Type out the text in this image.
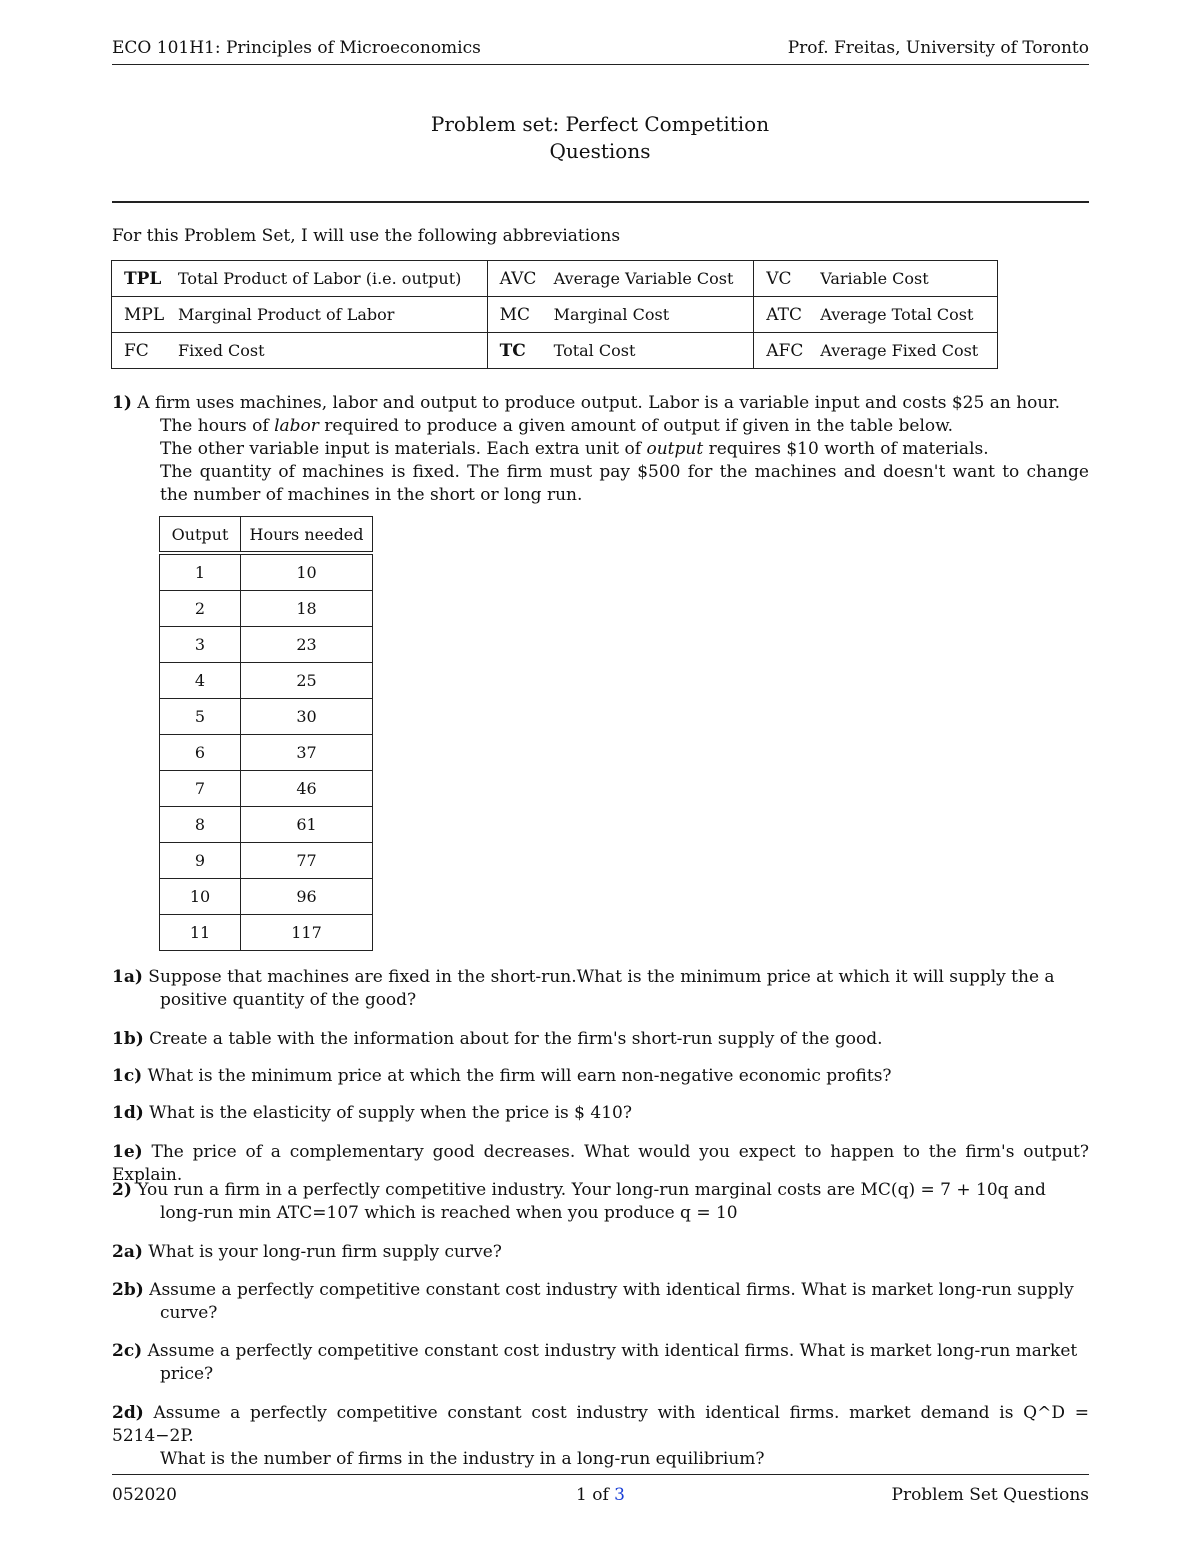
ECO 101H1: Principles of Microeconomics	Prof. Freitas, University of Toronto
Problem set: Perfect Competition
Questions
For this Problem Set, I will use the following abbreviations
TPL	Total Product of Labor (i.e. output)	AVC	Average Variable Cost	VC	Variable Cost
MPL	Marginal Product of Labor	MC	Marginal Cost	ATC	Average Total Cost
FC	Fixed Cost	TC	Total Cost	AFC	Average Fixed Cost
1) A firm uses machines, labor and output to produce output. Labor is a variable input and costs $25 an hour.
The hours of labor required to produce a given amount of output if given in the table below.
The other variable input is materials. Each extra unit of output requires $10 worth of materials.
The quantity of machines is fixed. The firm must pay $500 for the machines and doesn't want to change the number of machines in the short or long run.
Output	Hours needed
1	10
2	18
3	23
4	25
5	30
6	37
7	46
8	61
9	77
10	96
11	117
1a) Suppose that machines are fixed in the short-run.What is the minimum price at which it will supply the a
positive quantity of the good?
1b) Create a table with the information about for the firm's short-run supply of the good.
1c) What is the minimum price at which the firm will earn non-negative economic profits?
1d) What is the elasticity of supply when the price is $ 410?
1e) The price of a complementary good decreases. What would you expect to happen to the firm's output? Explain.
2) You run a firm in a perfectly competitive industry. Your long-run marginal costs are MC(q) = 7 + 10q and
long-run min ATC=107 which is reached when you produce q = 10
2a) What is your long-run firm supply curve?
2b) Assume a perfectly competitive constant cost industry with identical firms. What is market long-run supply
curve?
2c) Assume a perfectly competitive constant cost industry with identical firms. What is market long-run market
price?
2d) Assume a perfectly competitive constant cost industry with identical firms. market demand is Q^D = 5214−2P.
What is the number of firms in the industry in a long-run equilibrium?
052020	1 of 3	Problem Set Questions
